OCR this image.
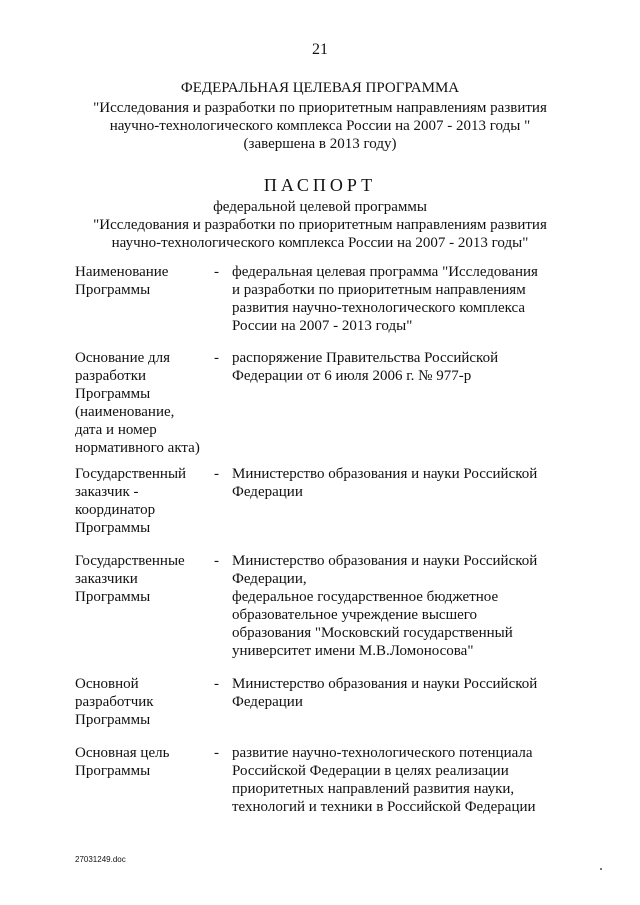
21
ФЕДЕРАЛЬНАЯ ЦЕЛЕВАЯ ПРОГРАММА
"Исследования и разработки по приоритетным направлениям развития
научно-технологического комплекса России на 2007 - 2013 годы "
(завершена в 2013 году)
ПАСПОРТ
федеральной целевой программы
"Исследования и разработки по приоритетным направлениям развития
научно-технологического комплекса России на 2007 - 2013 годы"
Наименование
Программы
- федеральная целевая программа "Исследования
и разработки по приоритетным направлениям
развития научно-технологического комплекса
России на 2007 - 2013 годы"
Основание для
разработки
Программы
(наименование,
дата и номер
нормативного акта)
- распоряжение Правительства Российской
Федерации от 6 июля 2006 г. № 977-р
Государственный
заказчик -
координатор
Программы
- Министерство образования и науки Российской
Федерации
Государственные
заказчики
Программы
- Министерство образования и науки Российской
Федерации,
федеральное государственное бюджетное
образовательное учреждение высшего
образования "Московский государственный
университет имени М.В.Ломоносова"
Основной
разработчик
Программы
- Министерство образования и науки Российской
Федерации
Основная цель
Программы
- развитие научно-технологического потенциала
Российской Федерации в целях реализации
приоритетных направлений развития науки,
технологий и техники в Российской Федерации
27031249.doc
